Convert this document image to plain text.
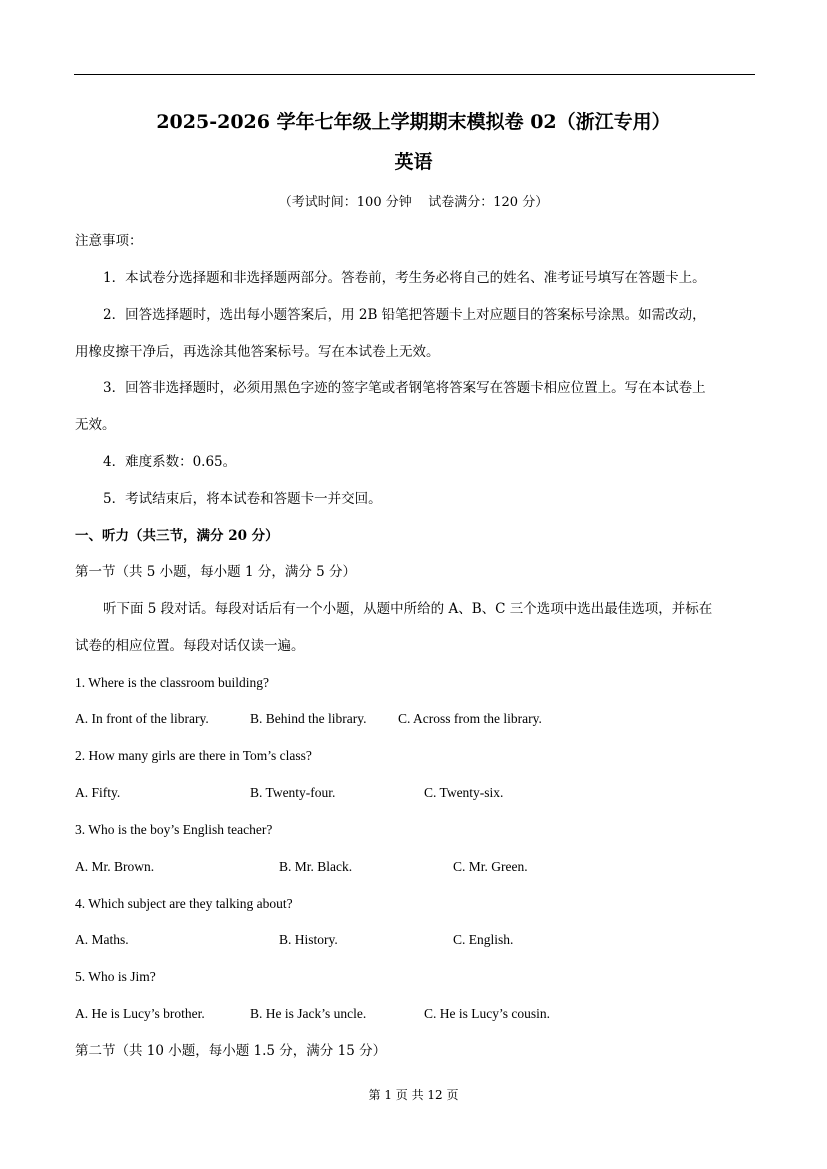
2025-2026 学年七年级上学期期末模拟卷 02（浙江专用）
英语
（考试时间：100 分钟    试卷满分：120 分）
注意事项：
1．本试卷分选择题和非选择题两部分。答卷前，考生务必将自己的姓名、准考证号填写在答题卡上。
2．回答选择题时，选出每小题答案后，用 2B 铅笔把答题卡上对应题目的答案标号涂黑。如需改动，
用橡皮擦干净后，再选涂其他答案标号。写在本试卷上无效。
3．回答非选择题时，必须用黑色字迹的签字笔或者钢笔将答案写在答题卡相应位置上。写在本试卷上
无效。
4．难度系数：0.65。
5．考试结束后，将本试卷和答题卡一并交回。
一、听力（共三节，满分 20 分）
第一节（共 5 小题，每小题 1 分，满分 5 分）
听下面 5 段对话。每段对话后有一个小题，从题中所给的 A、B、C 三个选项中选出最佳选项，并标在
试卷的相应位置。每段对话仅读一遍。
1. Where is the classroom building?
A. In front of the library.	B. Behind the library. C. Across from the library.
2. How many girls are there in Tom’s class?
A. Fifty.	B. Twenty-four.	C. Twenty-six.
3. Who is the boy’s English teacher?
A. Mr. Brown.	B. Mr. Black.	C. Mr. Green.
4. Which subject are they talking about?
A. Maths.	B. History.	C. English.
5. Who is Jim?
A. He is Lucy’s brother.	B. He is Jack’s uncle.	C. He is Lucy’s cousin.
第二节（共 10 小题，每小题 1.5 分，满分 15 分）
第 1 页 共 12 页
